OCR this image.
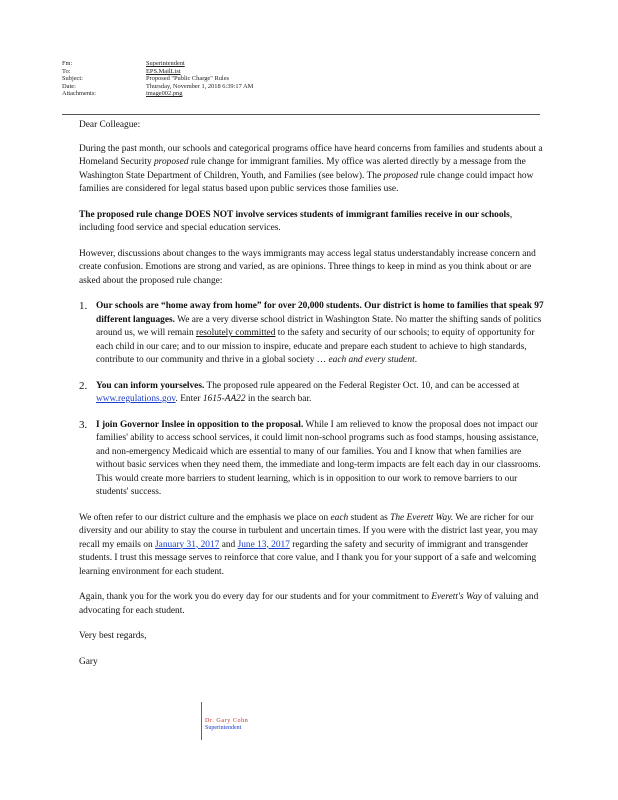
Fm:	Superintendent
To:	EPS.MailList
Subject:	Proposed "Public Charge" Rules
Date:	Thursday, November 1, 2018 6:39:17 AM
Attachments:	image002.png

Dear Colleague:

During the past month, our schools and categorical programs office have heard concerns from families and students about a Homeland Security proposed rule change for immigrant families. My office was alerted directly by a message from the Washington State Department of Children, Youth, and Families (see below). The proposed rule change could impact how families are considered for legal status based upon public services those families use.

The proposed rule change DOES NOT involve services students of immigrant families receive in our schools, including food service and special education services.

However, discussions about changes to the ways immigrants may access legal status understandably increase concern and create confusion. Emotions are strong and varied, as are opinions. Three things to keep in mind as you think about or are asked about the proposed rule change:

1. Our schools are “home away from home” for over 20,000 students. Our district is home to families that speak 97 different languages. We are a very diverse school district in Washington State. No matter the shifting sands of politics around us, we will remain resolutely committed to the safety and security of our schools; to equity of opportunity for each child in our care; and to our mission to inspire, educate and prepare each student to achieve to high standards, contribute to our community and thrive in a global society … each and every student.
2. You can inform yourselves. The proposed rule appeared on the Federal Register Oct. 10, and can be accessed at www.regulations.gov. Enter 1615-AA22 in the search bar.
3. I join Governor Inslee in opposition to the proposal. While I am relieved to know the proposal does not impact our families' ability to access school services, it could limit non-school programs such as food stamps, housing assistance, and non-emergency Medicaid which are essential to many of our families. You and I know that when families are without basic services when they need them, the immediate and long-term impacts are felt each day in our classrooms. This would create more barriers to student learning, which is in opposition to our work to remove barriers to our students' success.

We often refer to our district culture and the emphasis we place on each student as The Everett Way. We are richer for our diversity and our ability to stay the course in turbulent and uncertain times. If you were with the district last year, you may recall my emails on January 31, 2017 and June 13, 2017 regarding the safety and security of immigrant and transgender students. I trust this message serves to reinforce that core value, and I thank you for your support of a safe and welcoming learning environment for each student.

Again, thank you for the work you do every day for our students and for your commitment to Everett's Way of valuing and advocating for each student.

Very best regards,

Gary

Dr. Gary Cohn
Superintendent
